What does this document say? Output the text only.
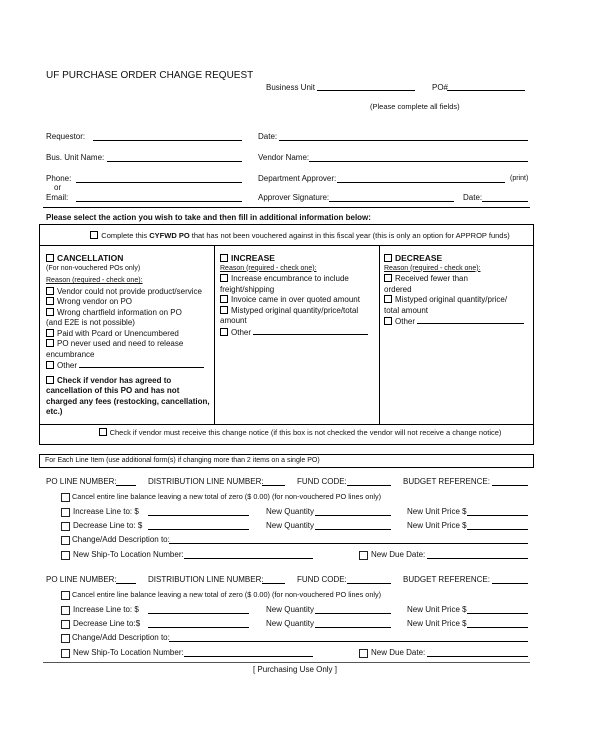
UF PURCHASE ORDER CHANGE REQUEST
Business Unit	PO#
(Please complete all fields)
Requestor:	Date:
Bus. Unit Name:	Vendor Name:
Phone:
or
Email:
Department Approver:	(print)
Approver Signature:	Date:
Please select the action you wish to take and then fill in additional information below:
Complete this CYFWD PO that has not been vouchered against in this fiscal year (this is only an option for APPROP funds)
CANCELLATION
(For non-vouchered POs only)
Reason (required - check one):
Vendor could not provide product/service
Wrong vendor on PO
Wrong chartfield information on PO
(and E2E is not possible)
Paid with Pcard or Unencumbered
PO never used and need to release
encumbrance
Other
Check if vendor has agreed to
cancellation of this PO and has not
charged any fees (restocking, cancellation,
etc.)
INCREASE
Reason (required - check one):
Increase encumbrance to include
freight/shipping
Invoice came in over quoted amount
Mistyped original quantity/price/total
amount
Other
DECREASE
Reason (required - check one):
Received fewer than
ordered
Mistyped original quantity/price/
total amount
Other
Check if vendor must receive this change notice (if this box is not checked the vendor will not receive a change notice)
For Each Line Item (use additional form(s) if changing more than 2 items on a single PO)
PO LINE NUMBER:	DISTRIBUTION LINE NUMBER:	FUND CODE:	BUDGET REFERENCE:
Cancel entire line balance leaving a new total of zero ($ 0.00) (for non-vouchered PO lines only)
Increase Line to: $	New Quantity	New Unit Price $
Decrease Line to: $	New Quantity	New Unit Price $
Change/Add Description to:
New Ship-To Location Number:	New Due Date:
PO LINE NUMBER:	DISTRIBUTION LINE NUMBER:	FUND CODE:	BUDGET REFERENCE:
Cancel entire line balance leaving a new total of zero ($ 0.00) (for non-vouchered PO lines only)
Increase Line to: $	New Quantity	New Unit Price $
Decrease Line to:$	New Quantity	New Unit Price $
Change/Add Description to:
New Ship-To Location Number:	New Due Date:
[ Purchasing Use Only ]
